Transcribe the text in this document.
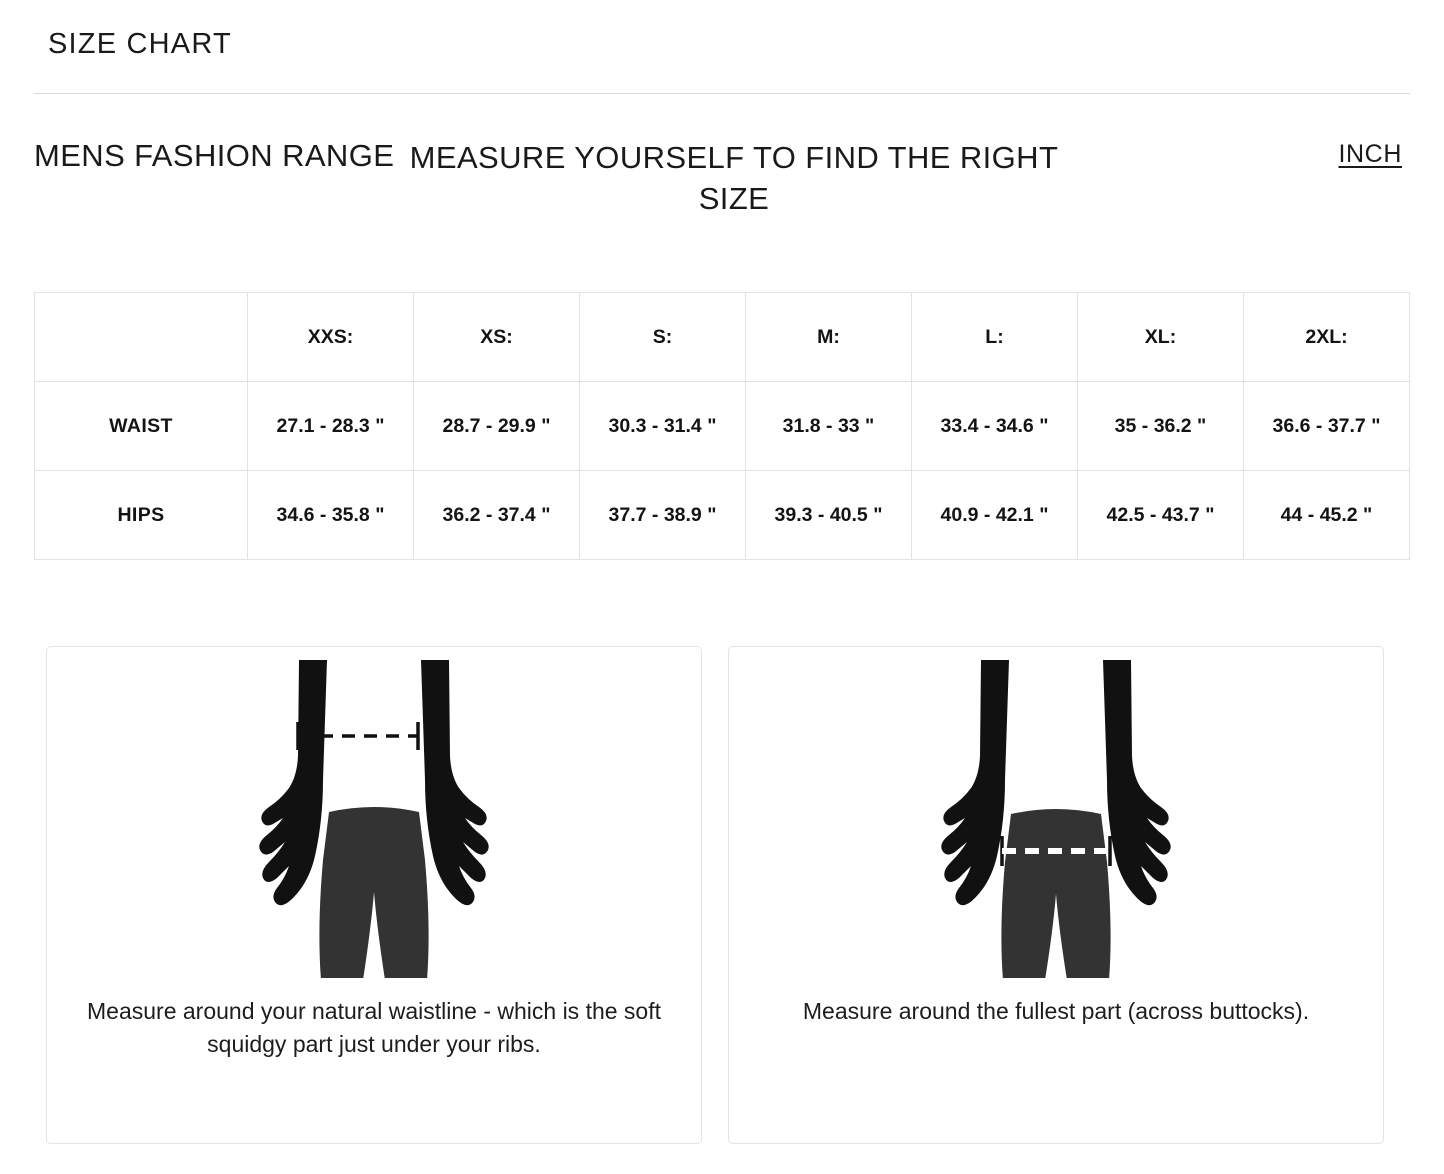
SIZE CHART
MENS FASHION RANGE MEASURE YOURSELF TO FIND THE RIGHT SIZE
INCH
	XXS:	XS:	S:	M:	L:	XL:	2XL:
WAIST	27.1 - 28.3 "	28.7 - 29.9 "	30.3 - 31.4 "	31.8 - 33 "	33.4 - 34.6 "	35 - 36.2 "	36.6 - 37.7 "
HIPS	34.6 - 35.8 "	36.2 - 37.4 "	37.7 - 38.9 "	39.3 - 40.5 "	40.9 - 42.1 "	42.5 - 43.7 "	44 - 45.2 "
Measure around your natural waistline - which is the soft squidgy part just under your ribs.
Measure around the fullest part (across buttocks).
